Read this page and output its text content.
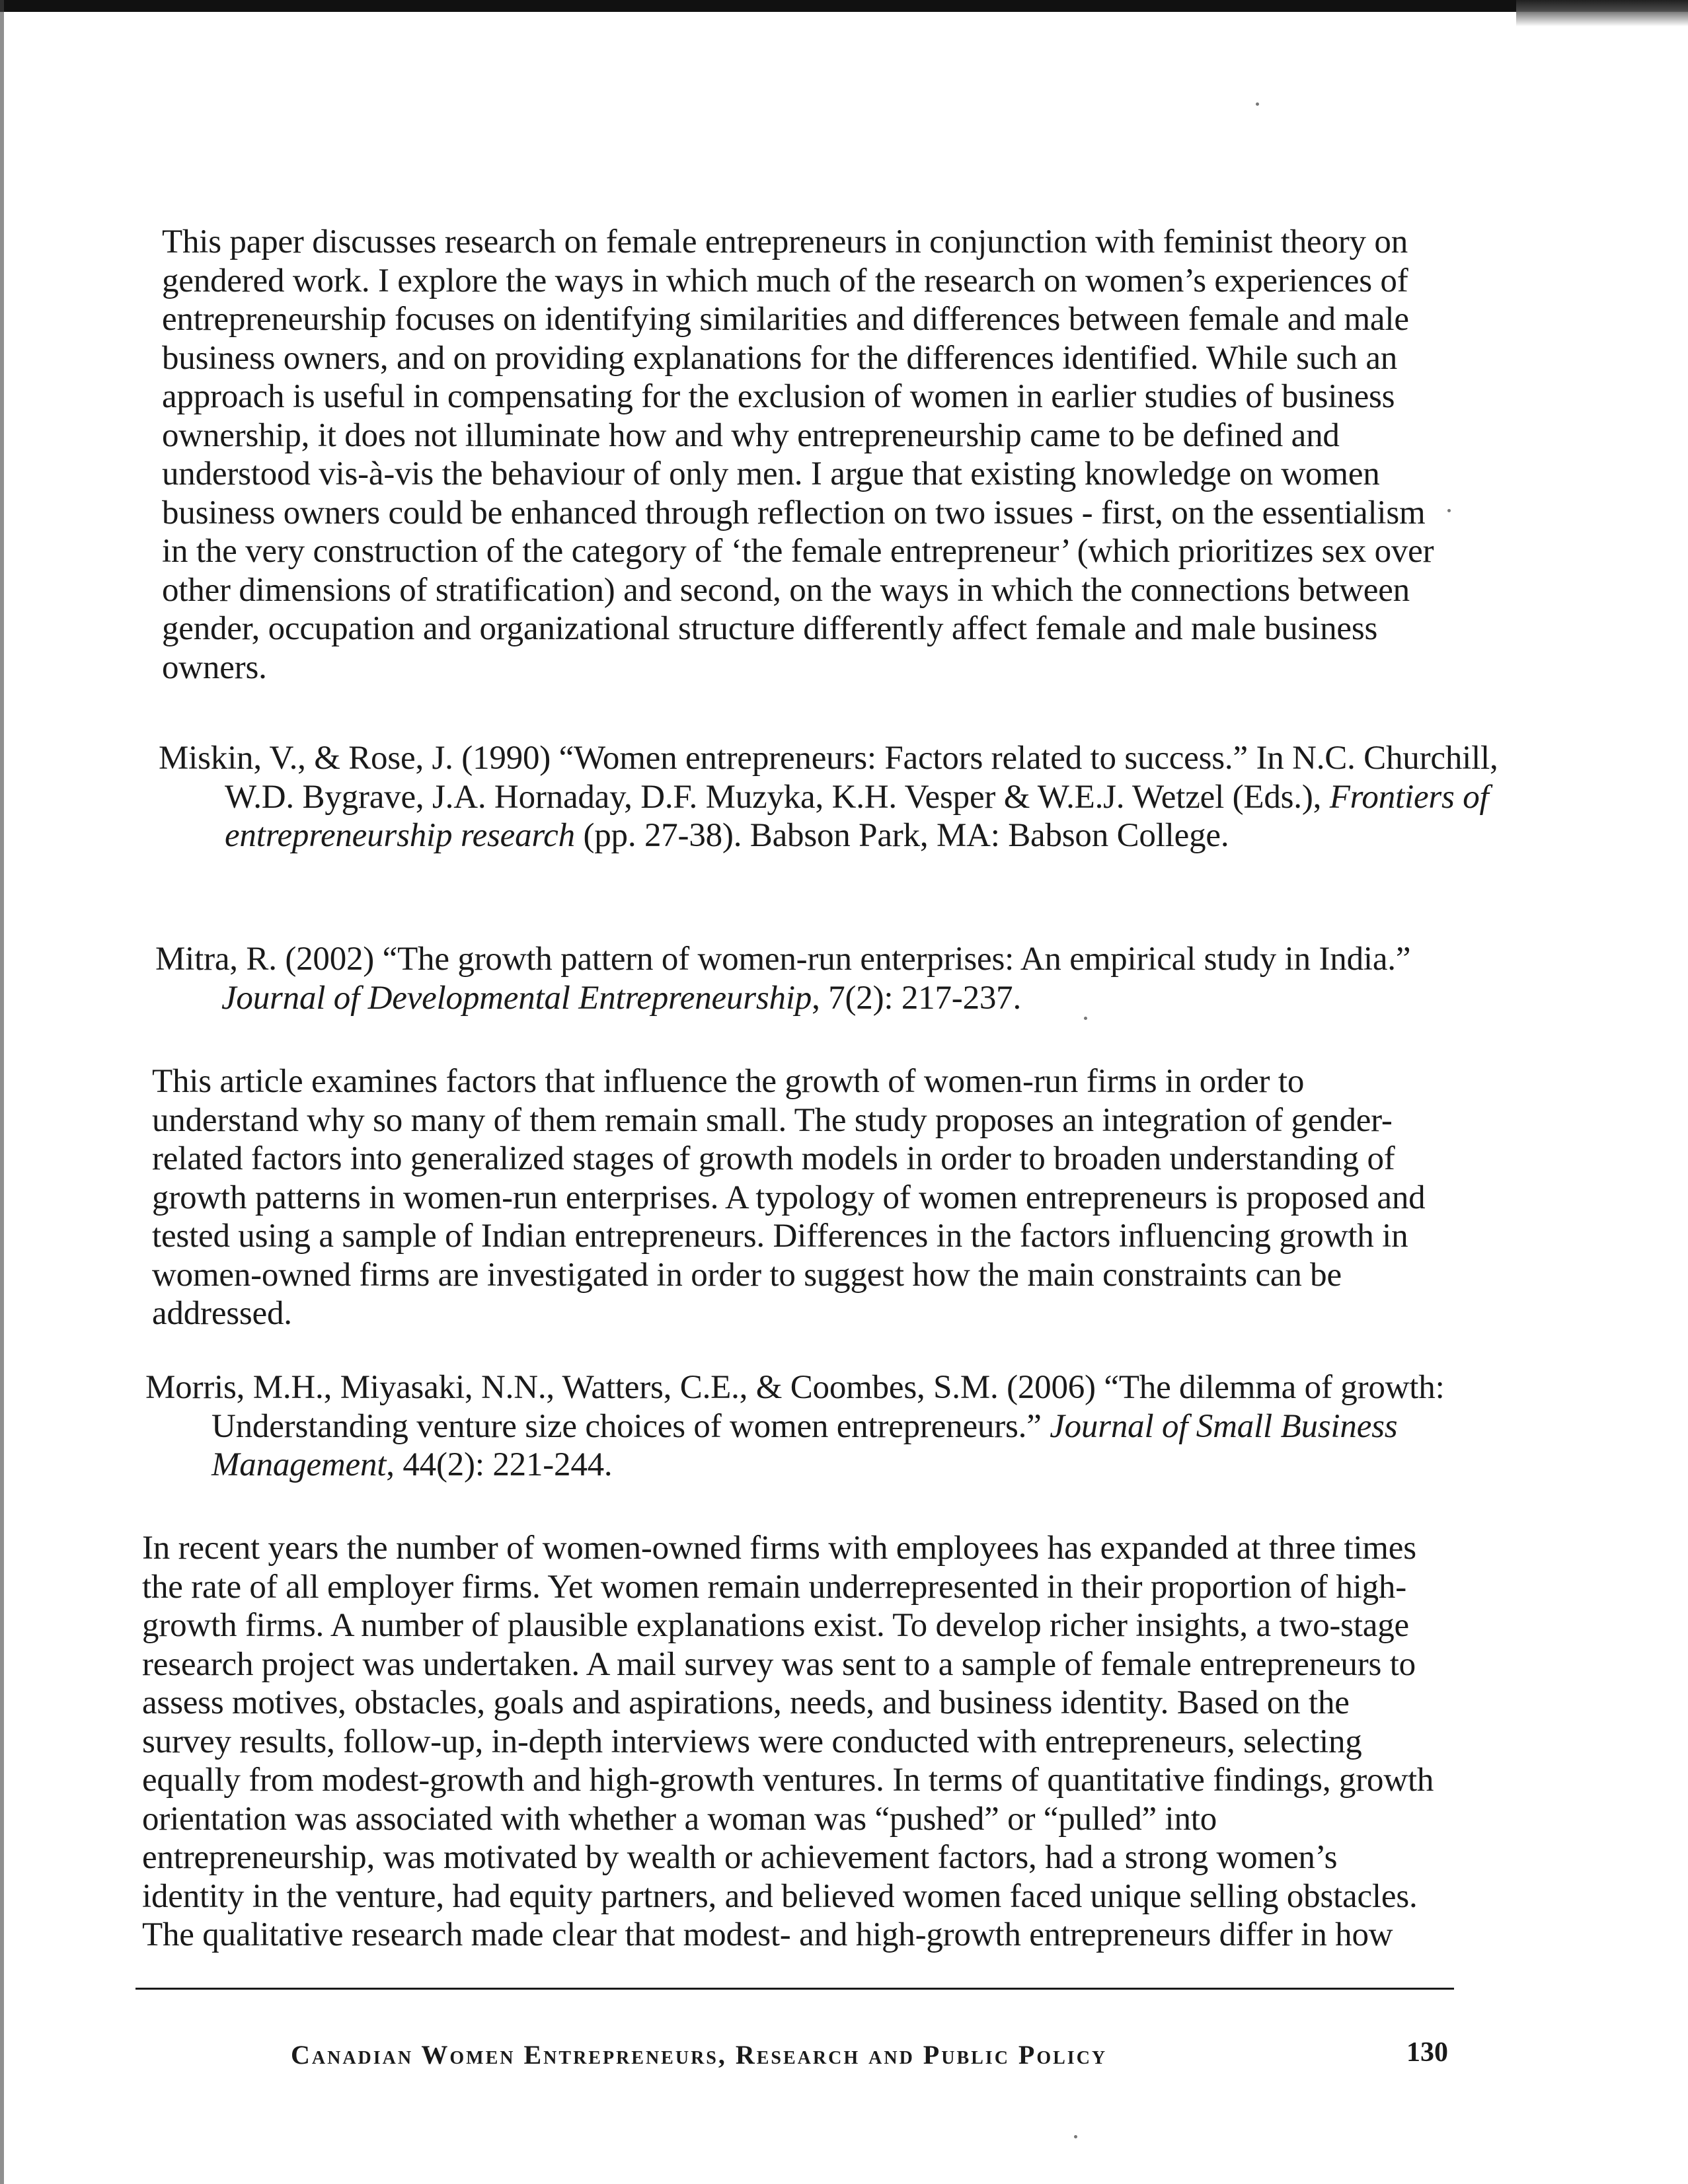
This paper discusses research on female entrepreneurs in conjunction with feminist theory on gendered work. I explore the ways in which much of the research on women’s experiences of entrepreneurship focuses on identifying similarities and differences between female and male business owners, and on providing explanations for the differences identified. While such an approach is useful in compensating for the exclusion of women in earlier studies of business ownership, it does not illuminate how and why entrepreneurship came to be defined and understood vis-à-vis the behaviour of only men. I argue that existing knowledge on women business owners could be enhanced through reflection on two issues - first, on the essentialism in the very construction of the category of ‘the female entrepreneur’ (which prioritizes sex over other dimensions of stratification) and second, on the ways in which the connections between gender, occupation and organizational structure differently affect female and male business owners.

Miskin, V., & Rose, J. (1990) “Women entrepreneurs: Factors related to success.” In N.C. Churchill, W.D. Bygrave, J.A. Hornaday, D.F. Muzyka, K.H. Vesper & W.E.J. Wetzel (Eds.), Frontiers of entrepreneurship research (pp. 27-38). Babson Park, MA: Babson College.

Mitra, R. (2002) “The growth pattern of women-run enterprises: An empirical study in India.” Journal of Developmental Entrepreneurship, 7(2): 217-237.

This article examines factors that influence the growth of women-run firms in order to understand why so many of them remain small. The study proposes an integration of gender-related factors into generalized stages of growth models in order to broaden understanding of growth patterns in women-run enterprises. A typology of women entrepreneurs is proposed and tested using a sample of Indian entrepreneurs. Differences in the factors influencing growth in women-owned firms are investigated in order to suggest how the main constraints can be addressed.

Morris, M.H., Miyasaki, N.N., Watters, C.E., & Coombes, S.M. (2006) “The dilemma of growth: Understanding venture size choices of women entrepreneurs.” Journal of Small Business Management, 44(2): 221-244.

In recent years the number of women-owned firms with employees has expanded at three times the rate of all employer firms. Yet women remain underrepresented in their proportion of high-growth firms. A number of plausible explanations exist. To develop richer insights, a two-stage research project was undertaken. A mail survey was sent to a sample of female entrepreneurs to assess motives, obstacles, goals and aspirations, needs, and business identity. Based on the survey results, follow-up, in-depth interviews were conducted with entrepreneurs, selecting equally from modest-growth and high-growth ventures. In terms of quantitative findings, growth orientation was associated with whether a woman was “pushed” or “pulled” into entrepreneurship, was motivated by wealth or achievement factors, had a strong women’s identity in the venture, had equity partners, and believed women faced unique selling obstacles. The qualitative research made clear that modest- and high-growth entrepreneurs differ in how

Canadian Women Entrepreneurs, Research and Public Policy	130
